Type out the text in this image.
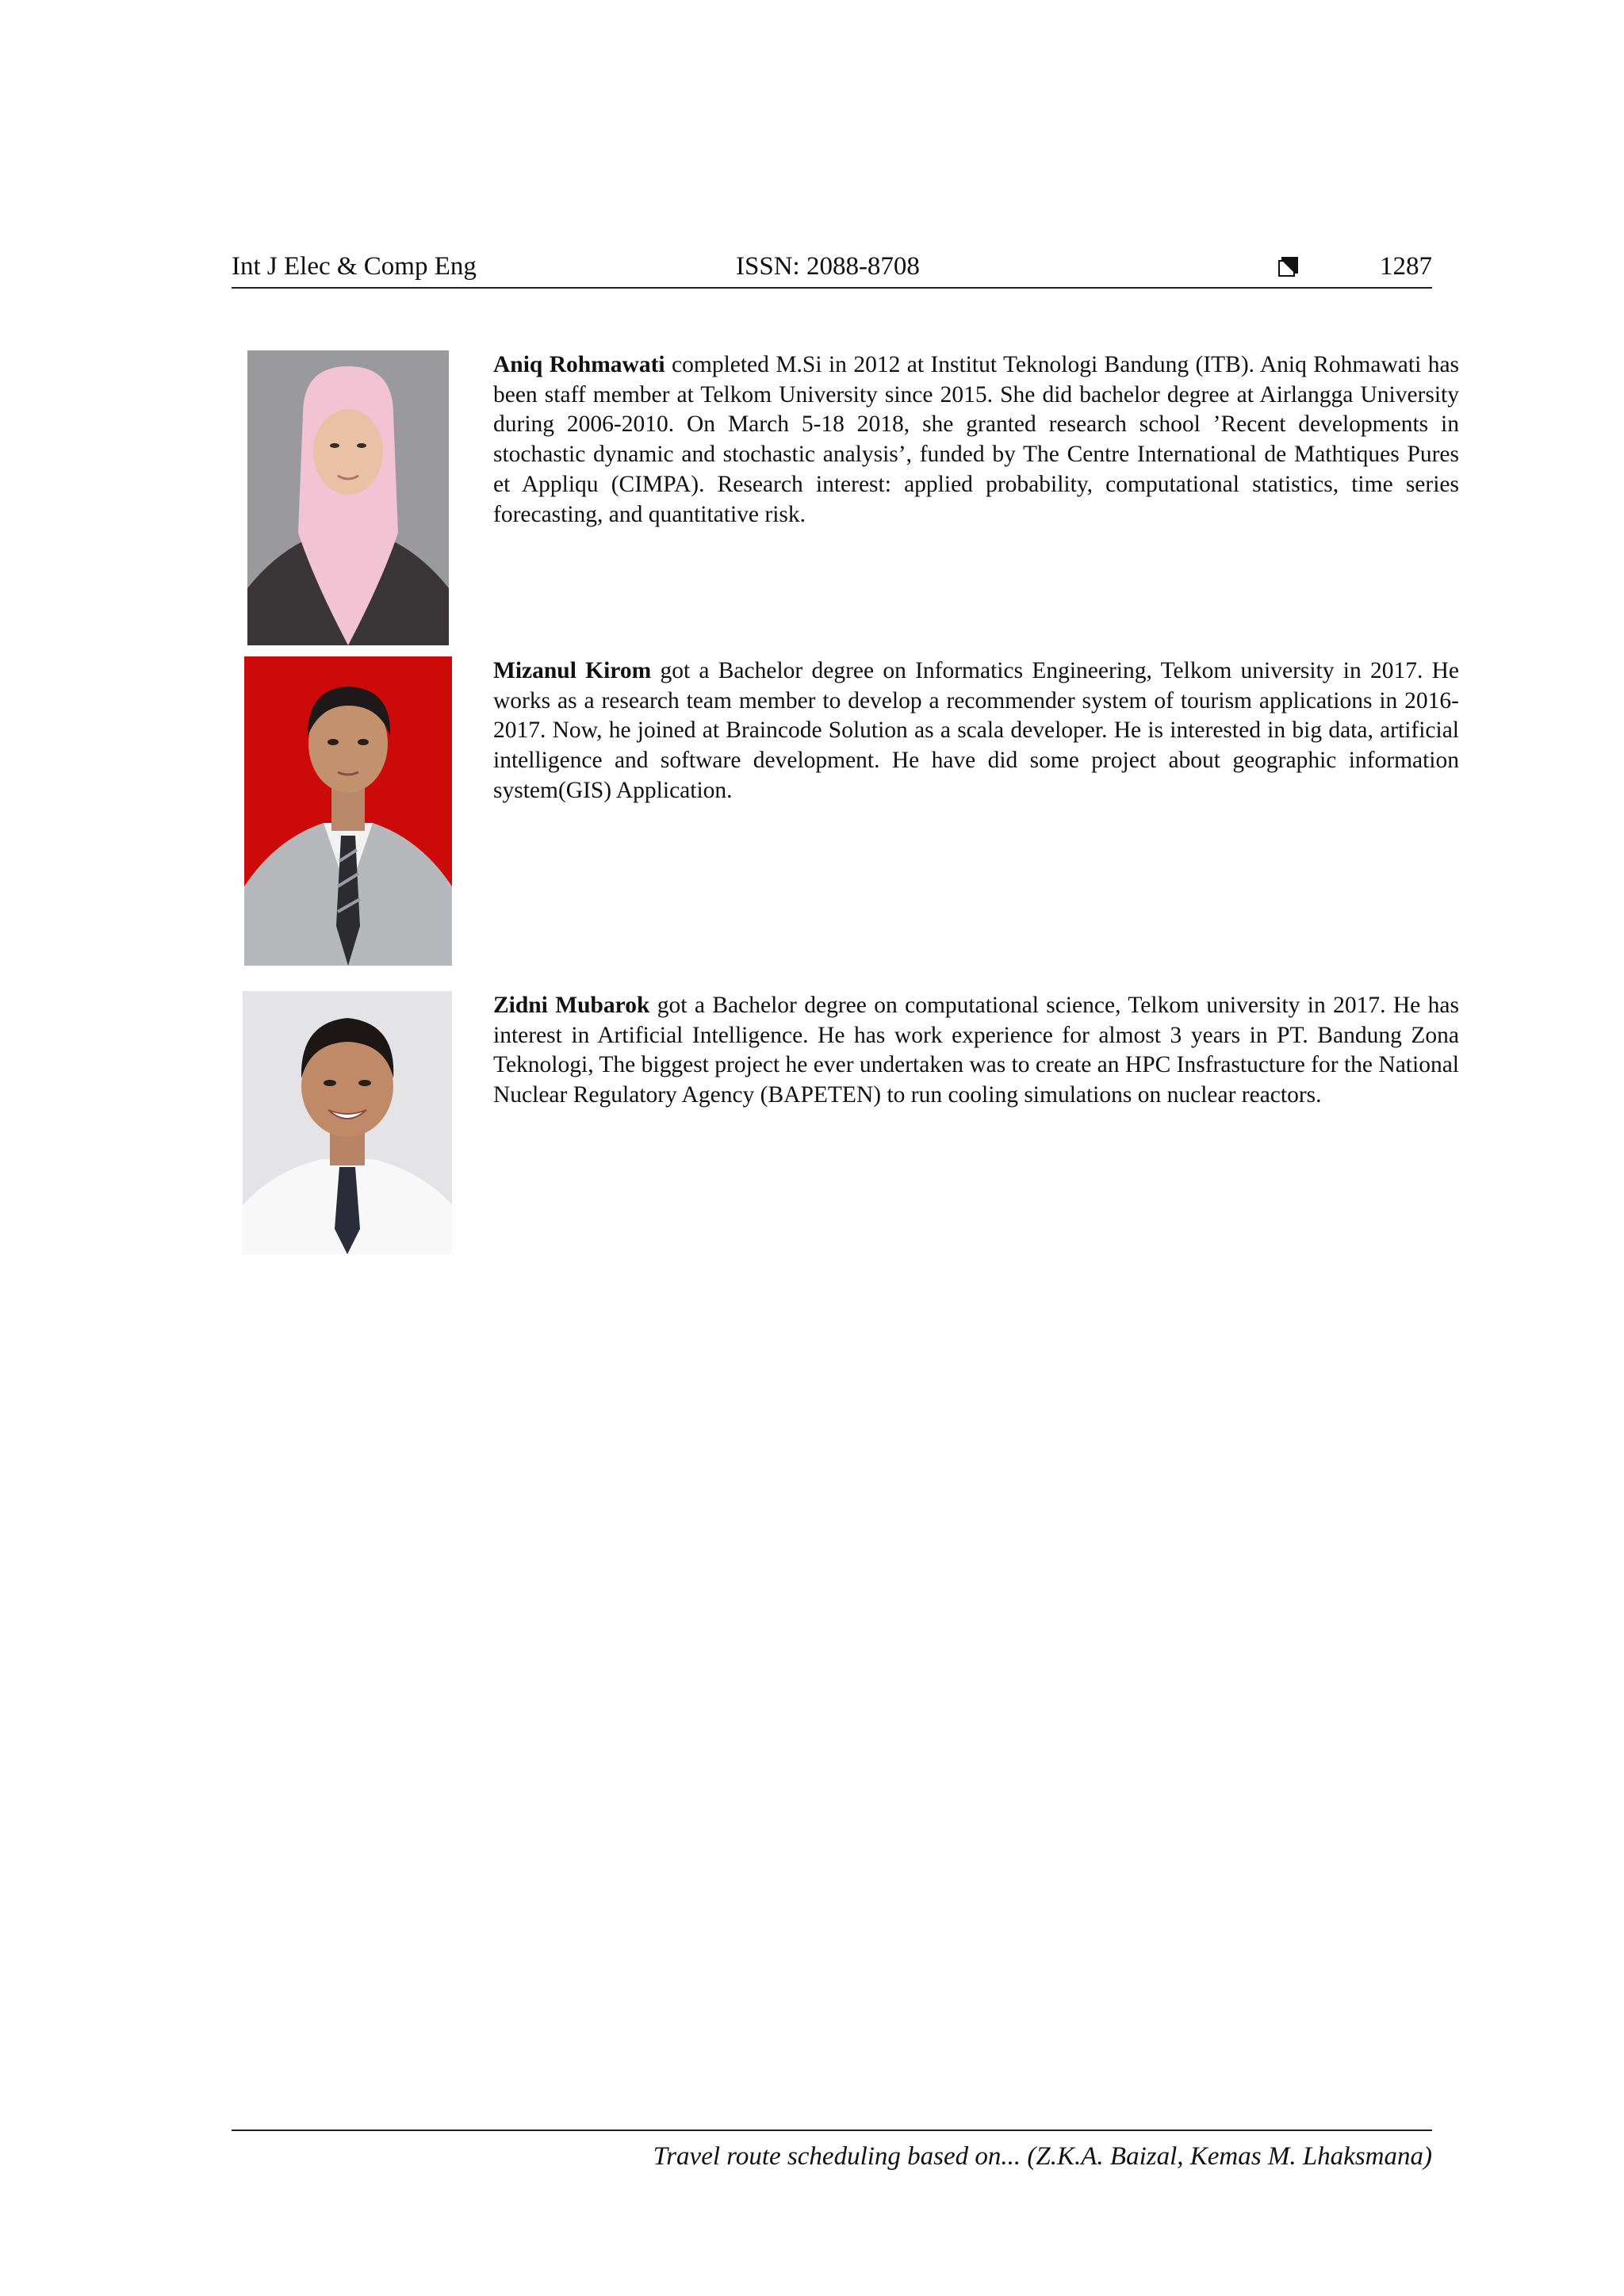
Int J Elec & Comp Eng	ISSN: 2088-8708	1287
Aniq Rohmawati completed M.Si in 2012 at Institut Teknologi Bandung (ITB). Aniq Rohmawati has been staff member at Telkom University since 2015. She did bachelor degree at Airlangga University during 2006-2010. On March 5-18 2018, she granted research school ’Recent developments in stochastic dynamic and stochastic analysis’, funded by The Centre International de Mathtiques Pures et Appliqu (CIMPA). Research interest: applied probability, computational statistics, time series forecasting, and quantitative risk.
Mizanul Kirom got a Bachelor degree on Informatics Engineering, Telkom university in 2017. He works as a research team member to develop a recommender system of tourism applications in 2016-2017. Now, he joined at Braincode Solution as a scala developer. He is interested in big data, artificial intelligence and software development. He have did some project about geographic information system(GIS) Application.
Zidni Mubarok got a Bachelor degree on computational science, Telkom university in 2017. He has interest in Artificial Intelligence. He has work experience for almost 3 years in PT. Bandung Zona Teknologi, The biggest project he ever undertaken was to create an HPC Insfrastucture for the National Nuclear Regulatory Agency (BAPETEN) to run cooling simulations on nuclear reactors.
Travel route scheduling based on... (Z.K.A. Baizal, Kemas M. Lhaksmana)
